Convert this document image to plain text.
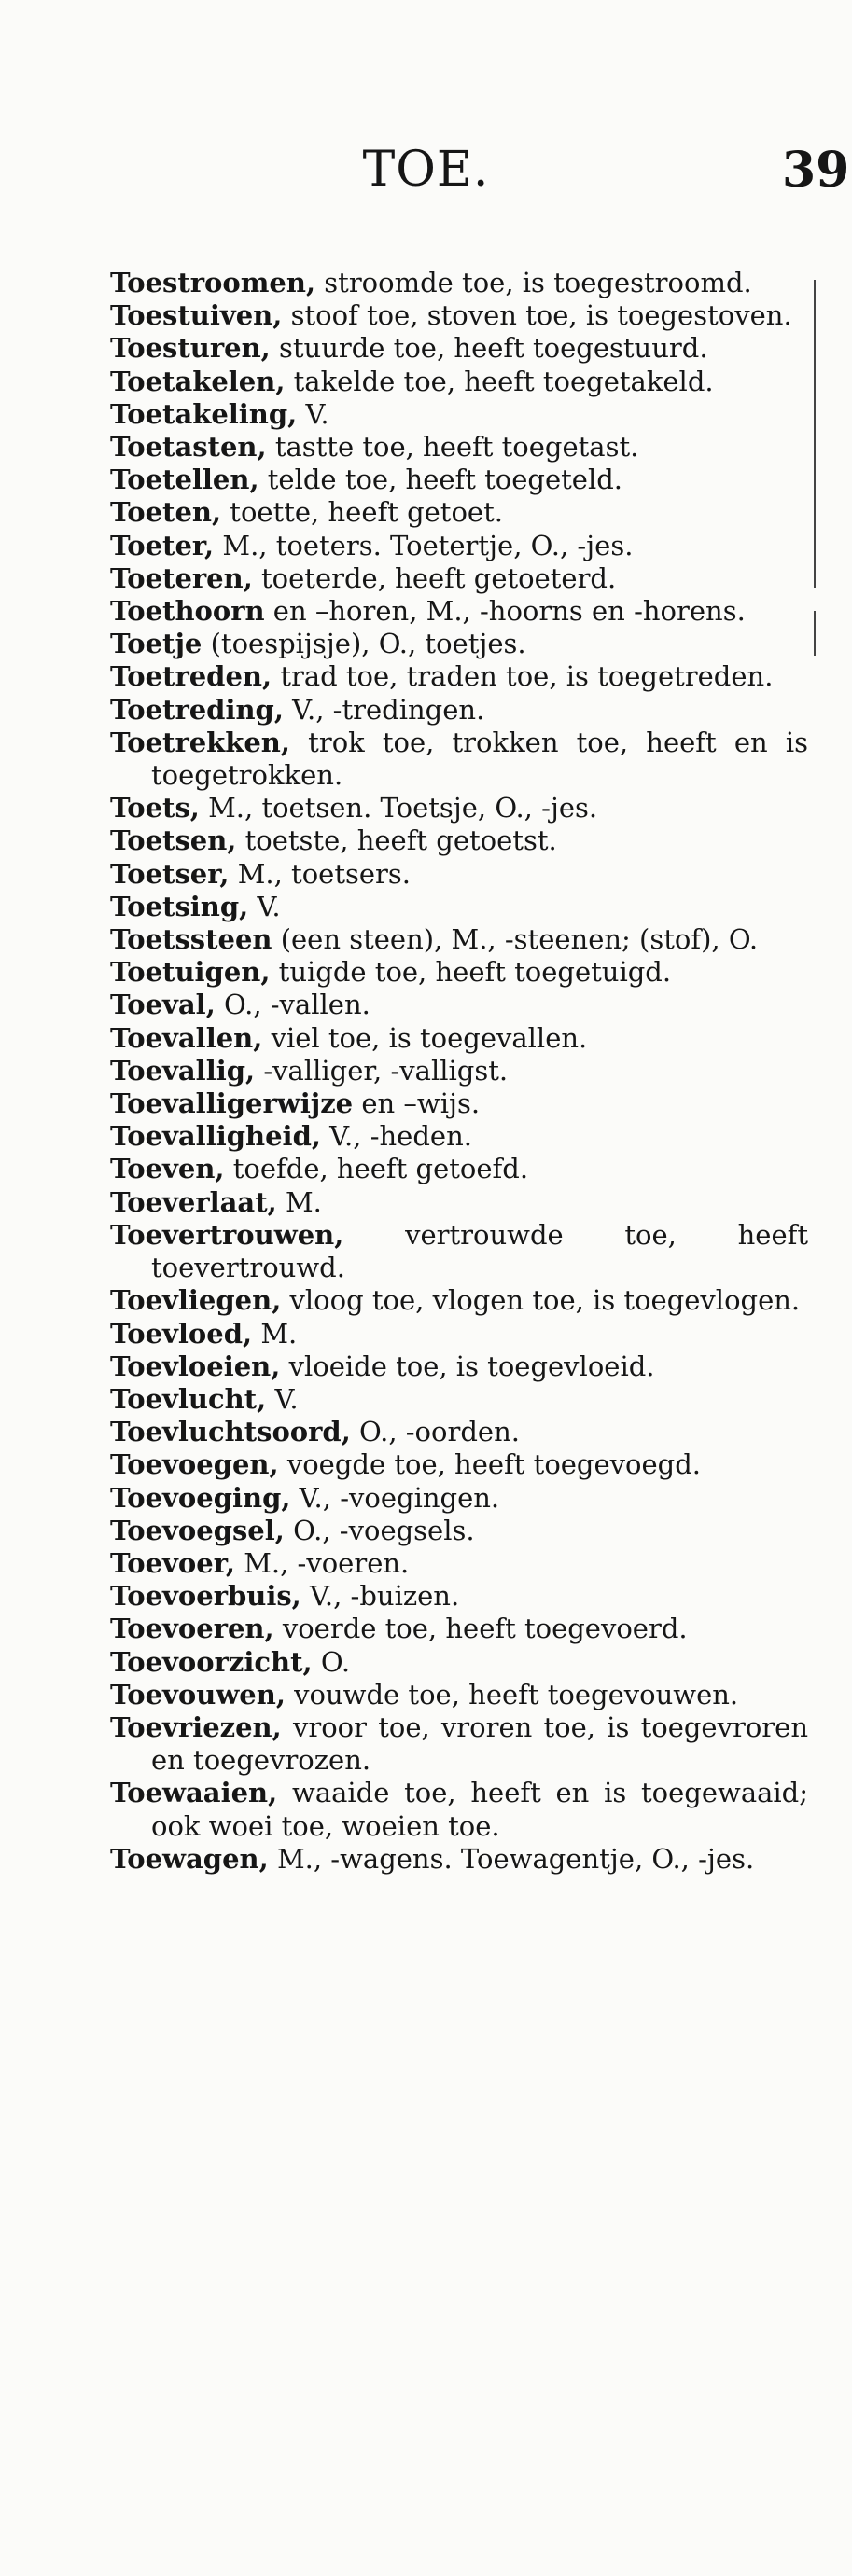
TOE.	39
Toestroomen, stroomde toe, is toegestroomd.
Toestuiven, stoof toe, stoven toe, is toegestoven.
Toesturen, stuurde toe, heeft toegestuurd.
Toetakelen, takelde toe, heeft toegetakeld.
Toetakeling, V.
Toetasten, tastte toe, heeft toegetast.
Toetellen, telde toe, heeft toegeteld.
Toeten, toette, heeft getoet.
Toeter, M., toeters. Toetertje, O., -jes.
Toeteren, toeterde, heeft getoeterd.
Toethoorn en –horen, M., -hoorns en -horens.
Toetje (toespijsje), O., toetjes.
Toetreden, trad toe, traden toe, is toegetreden.
Toetreding, V., -tredingen.
Toetrekken, trok toe, trokken toe, heeft en is toegetrokken.
Toets, M., toetsen. Toetsje, O., -jes.
Toetsen, toetste, heeft getoetst.
Toetser, M., toetsers.
Toetsing, V.
Toetssteen (een steen), M., -steenen; (stof), O.
Toetuigen, tuigde toe, heeft toegetuigd.
Toeval, O., -vallen.
Toevallen, viel toe, is toegevallen.
Toevallig, -valliger, -valligst.
Toevalligerwijze en –wijs.
Toevalligheid, V., -heden.
Toeven, toefde, heeft getoefd.
Toeverlaat, M.
Toevertrouwen, vertrouwde toe, heeft toevertrouwd.
Toevliegen, vloog toe, vlogen toe, is toegevlogen.
Toevloed, M.
Toevloeien, vloeide toe, is toegevloeid.
Toevlucht, V.
Toevluchtsoord, O., -oorden.
Toevoegen, voegde toe, heeft toegevoegd.
Toevoeging, V., -voegingen.
Toevoegsel, O., -voegsels.
Toevoer, M., -voeren.
Toevoerbuis, V., -buizen.
Toevoeren, voerde toe, heeft toegevoerd.
Toevoorzicht, O.
Toevouwen, vouwde toe, heeft toegevouwen.
Toevriezen, vroor toe, vroren toe, is toegevroren en toegevrozen.
Toewaaien, waaide toe, heeft en is toegewaaid; ook woei toe, woeien toe.
Toewagen, M., -wagens. Toewagentje, O., -jes.
